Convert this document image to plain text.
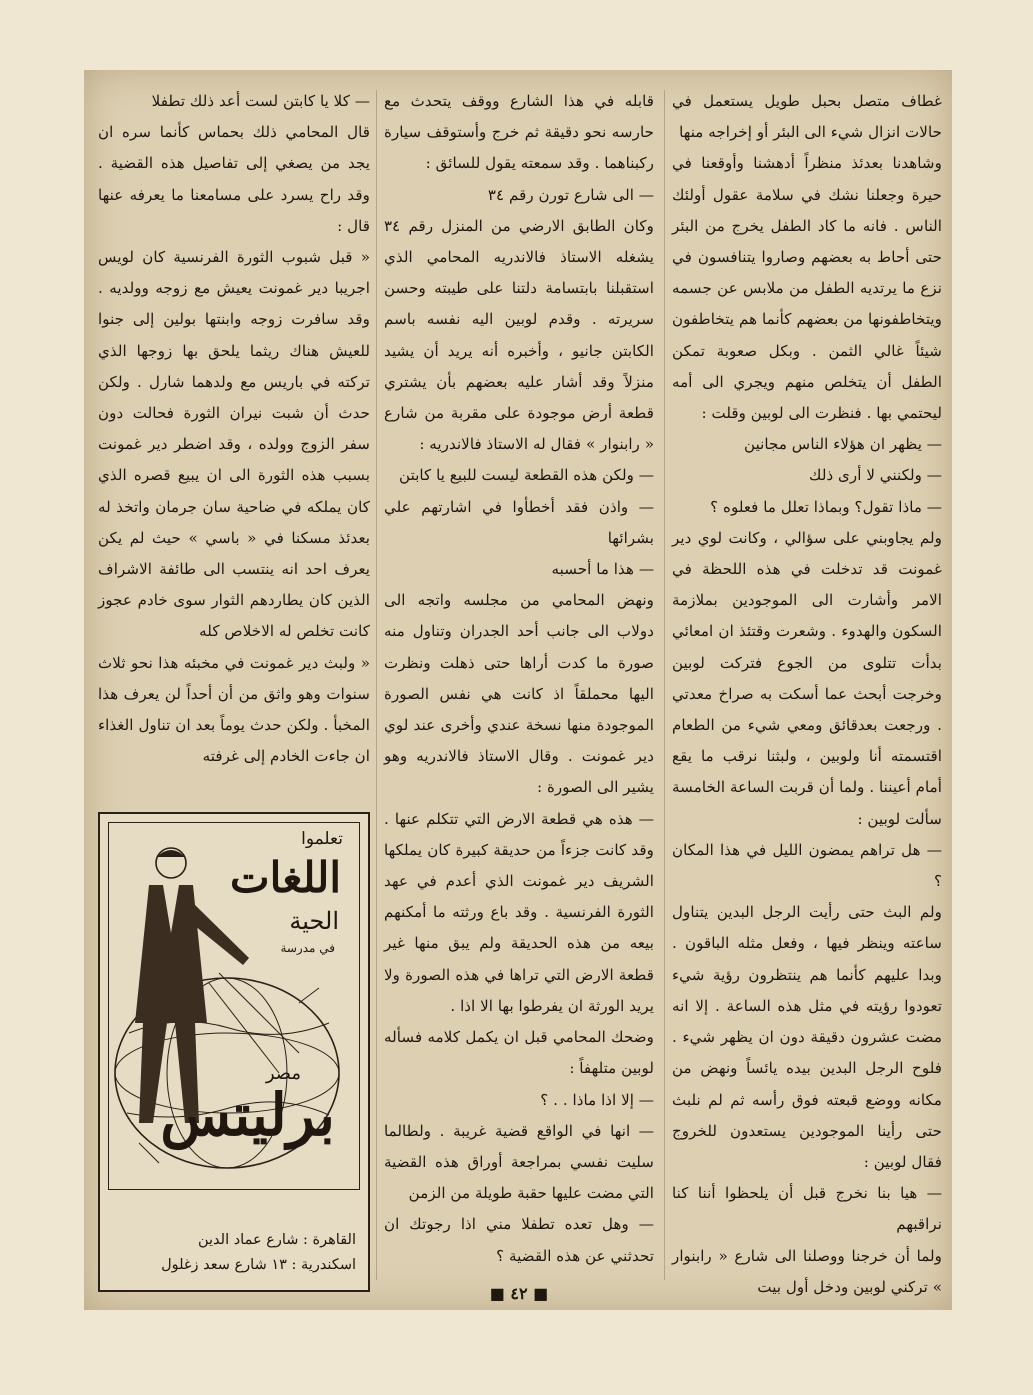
غطاف متصل بحبل طويل يستعمل في حالات انزال شيء الى البئر أو إخراجه منها

وشاهدنا بعدئذ منظراً أدهشنا وأوقعنا في حيرة وجعلنا نشك في سلامة عقول أولئك الناس . فانه ما كاد الطفل يخرج من البئر حتى أحاط به بعضهم وصاروا يتنافسون في نزع ما يرتديه الطفل من ملابس عن جسمه ويتخاطفونها من بعضهم كأنما هم يتخاطفون شيئاً غالي الثمن . وبكل صعوبة تمكن الطفل أن يتخلص منهم ويجري الى أمه ليحتمي بها . فنظرت الى لوبين وقلت :

— يظهر ان هؤلاء الناس مجانين

— ولكنني لا أرى ذلك

— ماذا تقول؟ وبماذا تعلل ما فعلوه ؟

ولم يجاوبني على سؤالي ، وكانت لوي دير غمونت قد تدخلت في هذه اللحظة في الامر وأشارت الى الموجودين بملازمة السكون والهدوء . وشعرت وقتئذ ان امعائي بدأت تتلوى من الجوع فتركت لوبين وخرجت أبحث عما أسكت به صراخ معدتي . ورجعت بعدقائق ومعي شيء من الطعام اقتسمته أنا ولوبين ، ولبثنا نرقب ما يقع أمام أعيننا . ولما أن قربت الساعة الخامسة سألت لوبين :

— هل تراهم يمضون الليل في هذا المكان ؟

ولم البث حتى رأيت الرجل البدين يتناول ساعته وينظر فيها ، وفعل مثله الباقون . وبدا عليهم كأنما هم ينتظرون رؤية شيء تعودوا رؤيته في مثل هذه الساعة . إلا انه مضت عشرون دقيقة دون ان يظهر شيء . فلوح الرجل البدين بيده يائساً ونهض من مكانه ووضع قبعته فوق رأسه ثم لم نلبث حتى رأينا الموجودين يستعدون للخروج فقال لوبين :

— هيا بنا نخرج قبل أن يلحظوا أننا كنا نراقبهم

ولما أن خرجنا ووصلنا الى شارع « رابنوار » تركني لوبين ودخل أول بيت

قابله في هذا الشارع ووقف يتحدث مع حارسه نحو دقيقة ثم خرج وأستوقف سيارة ركبناهما . وقد سمعته يقول للسائق :

— الى شارع تورن رقم ٣٤

وكان الطابق الارضي من المنزل رقم ٣٤ يشغله الاستاذ فالاندريه المحامي الذي استقبلنا بابتسامة دلتنا على طيبته وحسن سريرته . وقدم لوبين اليه نفسه باسم الكابتن جانيو ، وأخبره أنه يريد أن يشيد منزلاً وقد أشار عليه بعضهم بأن يشتري قطعة أرض موجودة على مقربة من شارع « رابنوار » فقال له الاستاذ فالاندريه :

— ولكن هذه القطعة ليست للبيع يا كابتن

— واذن فقد أخطأوا في اشارتهم علي بشرائها

— هذا ما أحسبه

ونهض المحامي من مجلسه واتجه الى دولاب الى جانب أحد الجدران وتناول منه صورة ما كدت أراها حتى ذهلت ونظرت اليها محملقاً اذ كانت هي نفس الصورة الموجودة منها نسخة عندي وأخرى عند لوي دير غمونت . وقال الاستاذ فالاندريه وهو يشير الى الصورة :

— هذه هي قطعة الارض التي تتكلم عنها . وقد كانت جزءاً من حديقة كبيرة كان يملكها الشريف دير غمونت الذي أعدم في عهد الثورة الفرنسية . وقد باع ورثته ما أمكنهم بيعه من هذه الحديقة ولم يبق منها غير قطعة الارض التي تراها في هذه الصورة ولا يريد الورثة ان يفرطوا بها الا اذا .

وضحك المحامي قبل ان يكمل كلامه فسأله لوبين متلهفاً :

— إلا اذا ماذا . . ؟

— انها في الواقع قضية غريبة . ولطالما سليت نفسي بمراجعة أوراق هذه القضية التي مضت عليها حقبة طويلة من الزمن

— وهل تعده تطفلا مني اذا رجوتك ان تحدثني عن هذه القضية ؟

— كلا يا كابتن لست أعد ذلك تطفلا

قال المحامي ذلك بحماس كأنما سره ان يجد من يصغي إلى تفاصيل هذه القضية . وقد راح يسرد على مسامعنا ما يعرفه عنها قال :

« قبل شبوب الثورة الفرنسية كان لويس اجريبا دير غمونت يعيش مع زوجه وولديه . وقد سافرت زوجه وابنتها بولين إلى جنوا للعيش هناك ريثما يلحق بها زوجها الذي تركته في باريس مع ولدهما شارل . ولكن حدث أن شبت نيران الثورة فحالت دون سفر الزوج وولده ، وقد اضطر دير غمونت بسبب هذه الثورة الى ان يبيع قصره الذي كان يملكه في ضاحية سان جرمان واتخذ له بعدئذ مسكنا في « باسي » حيث لم يكن يعرف احد انه ينتسب الى طائفة الاشراف الذين كان يطاردهم الثوار سوى خادم عجوز كانت تخلص له الاخلاص كله

« ولبث دير غمونت في مخبئه هذا نحو ثلاث سنوات وهو واثق من أن أحداً لن يعرف هذا المخبأ . ولكن حدث يوماً بعد ان تناول الغذاء ان جاءت الخادم إلى غرفته

تعلموا
اللغات
الحية
في مدرسة
مصر
برليتس
القاهرة : شارع عماد الدين
اسكندرية : ١٣ شارع سعد زغلول
■ ٤٢ ■
